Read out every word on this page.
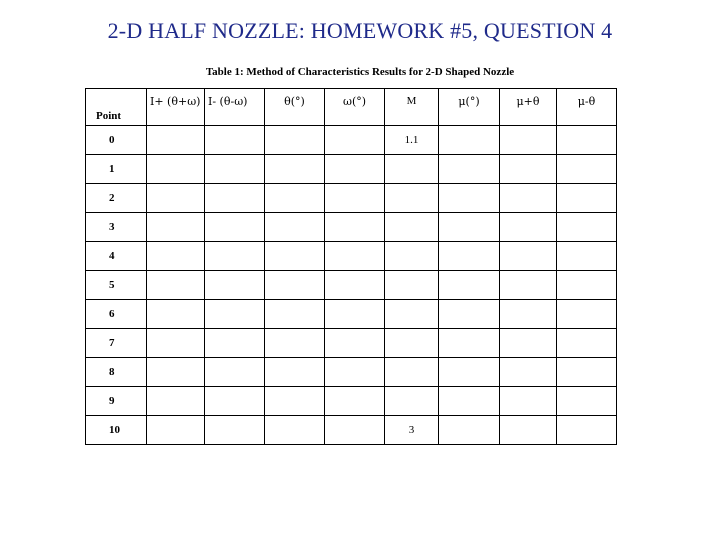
2-D HALF NOZZLE: HOMEWORK #5, QUESTION 4
Table 1: Method of Characteristics Results for 2-D Shaped Nozzle
Point	I+ (θ+ω)	I- (θ-ω)	θ(°)	ω(°)	M	μ(°)	μ+θ	μ-θ

0					1.1			

1								

2								

3								

4								

5								

6								

7								

8								

9								

10					3			
